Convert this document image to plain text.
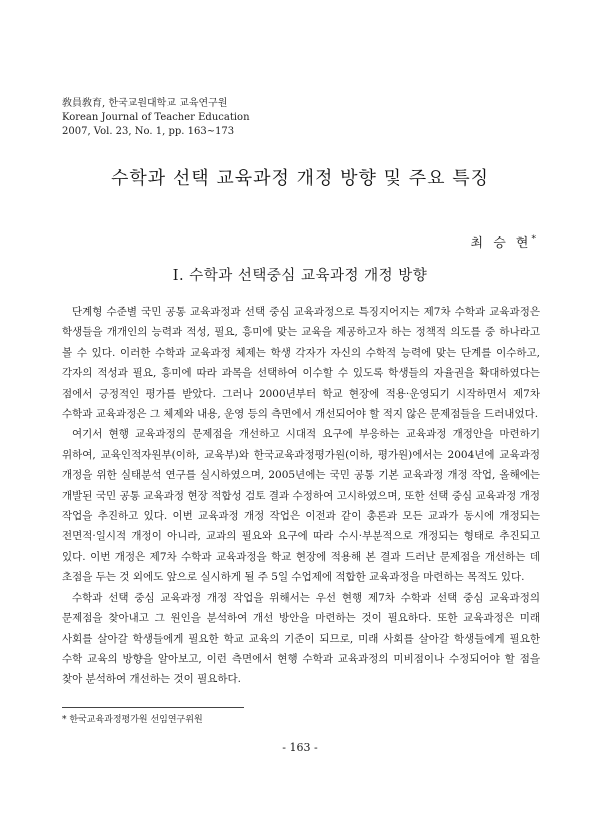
敎員敎育, 한국교원대학교 교육연구원
Korean Journal of Teacher Education
2007, Vol. 23, No. 1, pp. 163~173
수학과 선택 교육과정 개정 방향 및 주요 특징
최 승 현*
Ⅰ. 수학과 선택중심 교육과정 개정 방향

단계형 수준별 국민 공통 교육과정과 선택 중심 교육과정으로 특징지어지는 제7차 수학과 교육과정은 학생들을 개개인의 능력과 적성, 필요, 흥미에 맞는 교육을 제공하고자 하는 정책적 의도를 중 하나라고 볼 수 있다. 이러한 수학과 교육과정 체제는 학생 각자가 자신의 수학적 능력에 맞는 단계를 이수하고, 각자의 적성과 필요, 흥미에 따라 과목을 선택하여 이수할 수 있도록 학생들의 자율권을 확대하였다는 점에서 긍정적인 평가를 받았다. 그러나 2000년부터 학교 현장에 적용·운영되기 시작하면서 제7차 수학과 교육과정은 그 체제와 내용, 운영 등의 측면에서 개선되어야 할 적지 않은 문제점들을 드러내었다.

여기서 현행 교육과정의 문제점을 개선하고 시대적 요구에 부응하는 교육과정 개정안을 마련하기 위하여, 교육인적자원부(이하, 교육부)와 한국교육과정평가원(이하, 평가원)에서는 2004년에 교육과정 개정을 위한 실태분석 연구를 실시하였으며, 2005년에는 국민 공통 기본 교육과정 개정 작업, 올해에는 개발된 국민 공통 교육과정 현장 적합성 검토 결과 수정하여 고시하였으며, 또한 선택 중심 교육과정 개정 작업을 추진하고 있다. 이번 교육과정 개정 작업은 이전과 같이 총론과 모든 교과가 동시에 개정되는 전면적·일시적 개정이 아니라, 교과의 필요와 요구에 따라 수시·부분적으로 개정되는 형태로 추진되고 있다. 이번 개정은 제7차 수학과 교육과정을 학교 현장에 적용해 본 결과 드러난 문제점을 개선하는 데 초점을 두는 것 외에도 앞으로 실시하게 될 주 5일 수업제에 적합한 교육과정을 마련하는 목적도 있다.

수학과 선택 중심 교육과정 개정 작업을 위해서는 우선 현행 제7차 수학과 선택 중심 교육과정의 문제점을 찾아내고 그 원인을 분석하여 개선 방안을 마련하는 것이 필요하다. 또한 교육과정은 미래 사회를 살아갈 학생들에게 필요한 학교 교육의 기준이 되므로, 미래 사회를 살아갈 학생들에게 필요한 수학 교육의 방향을 알아보고, 이런 측면에서 현행 수학과 교육과정의 미비점이나 수정되어야 할 점을 찾아 분석하여 개선하는 것이 필요하다.

* 한국교육과정평가원 선임연구위원
- 163 -
